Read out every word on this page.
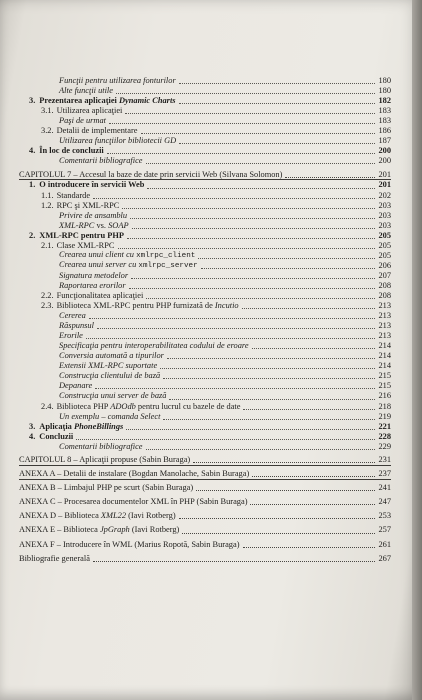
Funcţii pentru utilizarea fonturilor	180
Alte funcţii utile	180
3. Prezentarea aplicaţiei Dynamic Charts	182
3.1. Utilizarea aplicaţiei	183
Paşi de urmat	183
3.2. Detalii de implementare	186
Utilizarea funcţiilor bibliotecii GD	187
4. În loc de concluzii	200
Comentarii bibliografice	200
CAPITOLUL 7 – Accesul la baze de date prin servicii Web (Silvana Solomon)	201
1. O introducere în servicii Web	201
1.1. Standarde	202
1.2. RPC şi XML-RPC	203
Privire de ansamblu	203
XML-RPC vs. SOAP	203
2. XML-RPC pentru PHP	205
2.1. Clase XML-RPC	205
Crearea unui client cu xmlrpc_client	205
Crearea unui server cu xmlrpc_server	206
Signatura metodelor	207
Raportarea erorilor	208
2.2. Funcţionalitatea aplicaţiei	208
2.3. Biblioteca XML-RPC pentru PHP furnizată de Incutio	213
Cererea	213
Răspunsul	213
Erorile	213
Specificaţia pentru interoperabilitatea codului de eroare	214
Conversia automată a tipurilor	214
Extensii XML-RPC suportate	214
Construcţia clientului de bază	215
Depanare	215
Construcţia unui server de bază	216
2.4. Biblioteca PHP ADOdb pentru lucrul cu bazele de date	218
Un exemplu – comanda Select	219
3. Aplicaţia PhoneBillings	221
4. Concluzii	228
Comentarii bibliografice	229
CAPITOLUL 8 – Aplicaţii propuse (Sabin Buraga)	231
ANEXA A – Detalii de instalare (Bogdan Manolache, Sabin Buraga)	237
ANEXA B – Limbajul PHP pe scurt (Sabin Buraga)	241
ANEXA C – Procesarea documentelor XML în PHP (Sabin Buraga)	247
ANEXA D – Biblioteca XML22 (Iavi Rotberg)	253
ANEXA E – Biblioteca JpGraph (Iavi Rotberg)	257
ANEXA F – Introducere în WML (Marius Ropotă, Sabin Buraga)	261
Bibliografie generală	267
